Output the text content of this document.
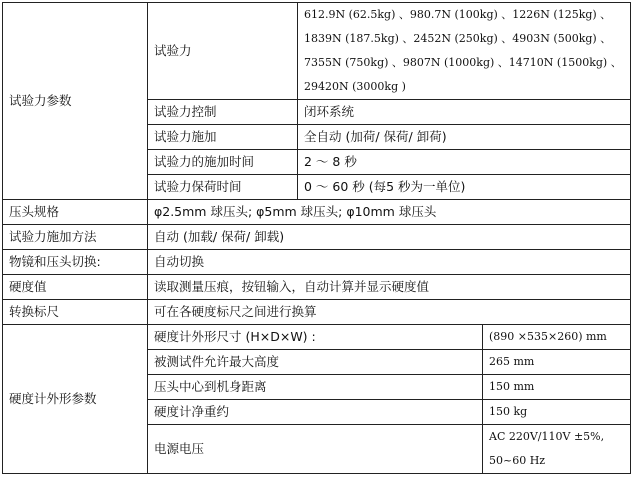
试验力参数	试验力	612.9N (62.5kg) 、980.7N (100kg) 、1226N (125kg) 、
1839N (187.5kg) 、2452N (250kg) 、4903N (500kg) 、
7355N (750kg) 、9807N (1000kg) 、14710N (1500kg) 、
29420N (3000kg )	

	试验力控制	闭环系统	
	试验力施加	全自动 (加荷/ 保荷/ 卸荷)	
	试验力的施加时间	2 ～ 8 秒	
	试验力保荷时间	0 ～ 60 秒 (每5 秒为一单位)	
压头规格	φ2.5mm 球压头; φ5mm 球压头; φ10mm 球压头		
试验力施加方法	自动 (加载/ 保荷/ 卸载)		
物镜和压头切换:	自动切换		
硬度值	读取测量压痕，按钮输入，自动计算并显示硬度值		
转换标尺	可在各硬度标尺之间进行换算		
硬度计外形参数	硬度计外形尺寸 (H×D×W) :		(890 ×535×260) mm
	被测试件允许最大高度		265 mm
	压头中心到机身距离		150 mm
	硬度计净重约		150 kg
	电源电压		AC 220V/110V ±5%,
50~60 Hz
